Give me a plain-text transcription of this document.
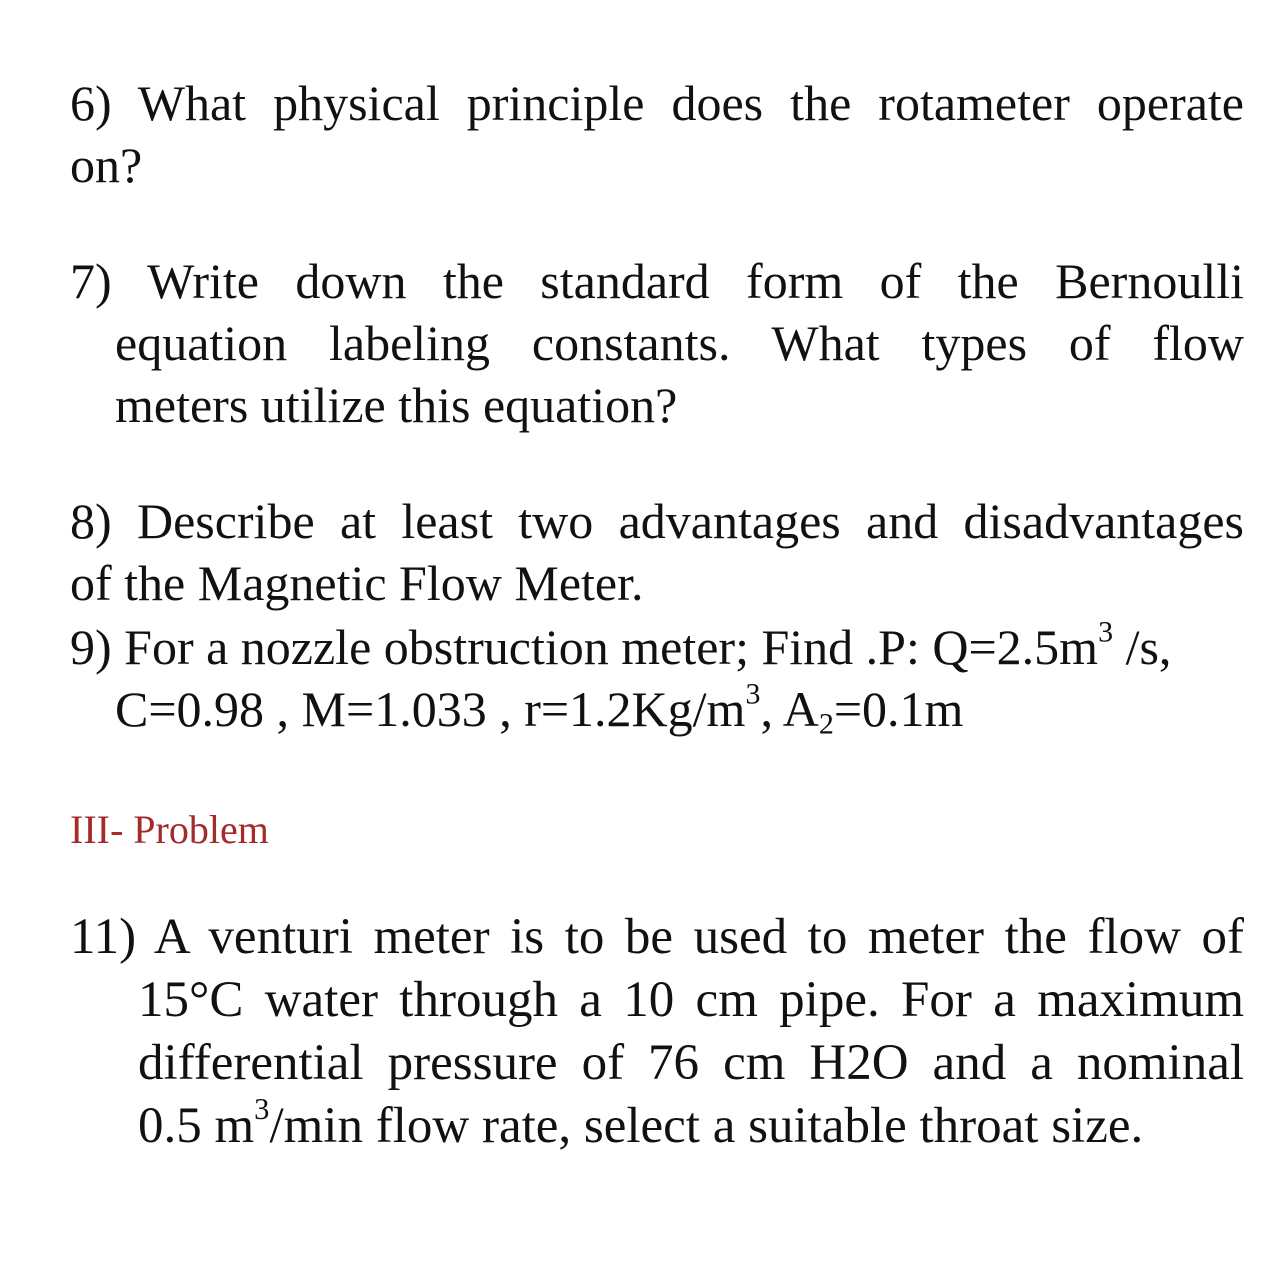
6) What physical principle does the rotameter operate
on?
7) Write down the standard form of the Bernoulli
equation labeling constants. What types of flow
meters utilize this equation?
8) Describe at least two advantages and disadvantages
of the Magnetic Flow Meter.
9) For a nozzle obstruction meter; Find .P: $Q=2.5m^3$ /s,
C=0.98 , M=1.033 , $r=1.2Kg/m^3$, $A_2=0.1m$
III- Problem
11) A venturi meter is to be used to meter the flow of
15°C water through a 10 cm pipe. For a maximum
differential pressure of 76 cm H2O and a nominal
0.5 $m^3/\min$ flow rate, select a suitable throat size.
